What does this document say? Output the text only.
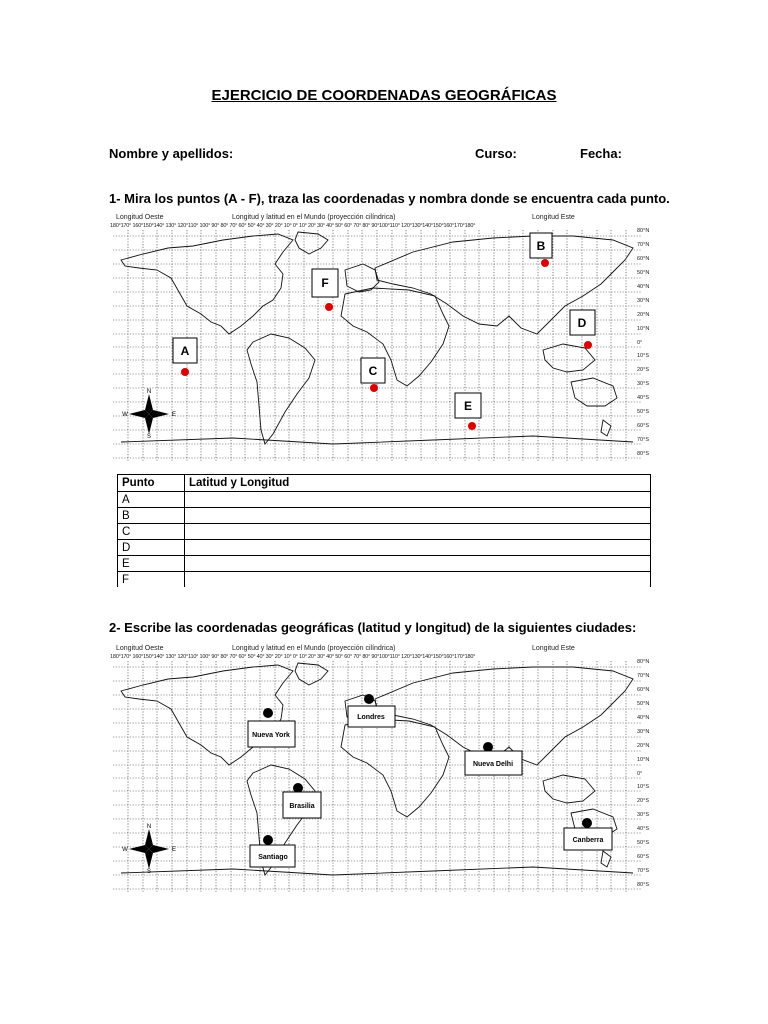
EJERCICIO DE COORDENADAS GEOGRÁFICAS
Nombre y apellidos:	Curso:	Fecha:
1- Mira los puntos (A - F), traza las coordenadas y nombra donde se encuentra cada punto.
Longitud Oeste	Longitud y latitud en el Mundo (proyección cilíndrica)	Longitud Este
180°170° 160°150°140° 130° 120°110° 100° 90° 80° 70° 60° 50° 40° 30° 20° 10° 0° 10° 20° 30° 40° 50° 60° 70° 80° 90°100°110° 120°130°140°150°160°170°180°
N
S
W	E
A
B
C
D
E
F
80°N
70°N
60°N
50°N
40°N
30°N
20°N
10°N
0°
10°S
20°S
30°S
40°S
50°S
60°S
70°S
80°S
Punto	Latitud y Longitud
A	
B	
C	
D	
E	
F	
2- Escribe las coordenadas geográficas (latitud y longitud) de la siguientes ciudades:
Longitud Oeste	Longitud y latitud en el Mundo (proyección cilíndrica)	Longitud Este
180°170° 160°150°140° 130° 120°110° 100° 90° 80° 70° 60° 50° 40° 30° 20° 10° 0° 10° 20° 30° 40° 50° 60° 70° 80° 90°100°110° 120°130°140°150°160°170°180°
N
S
W	E
Nueva York
Londres
Nueva Delhi
Brasilia
Santiago
Canberra
80°N
70°N
60°N
50°N
40°N
30°N
20°N
10°N
0°
10°S
20°S
30°S
40°S
50°S
60°S
70°S
80°S
